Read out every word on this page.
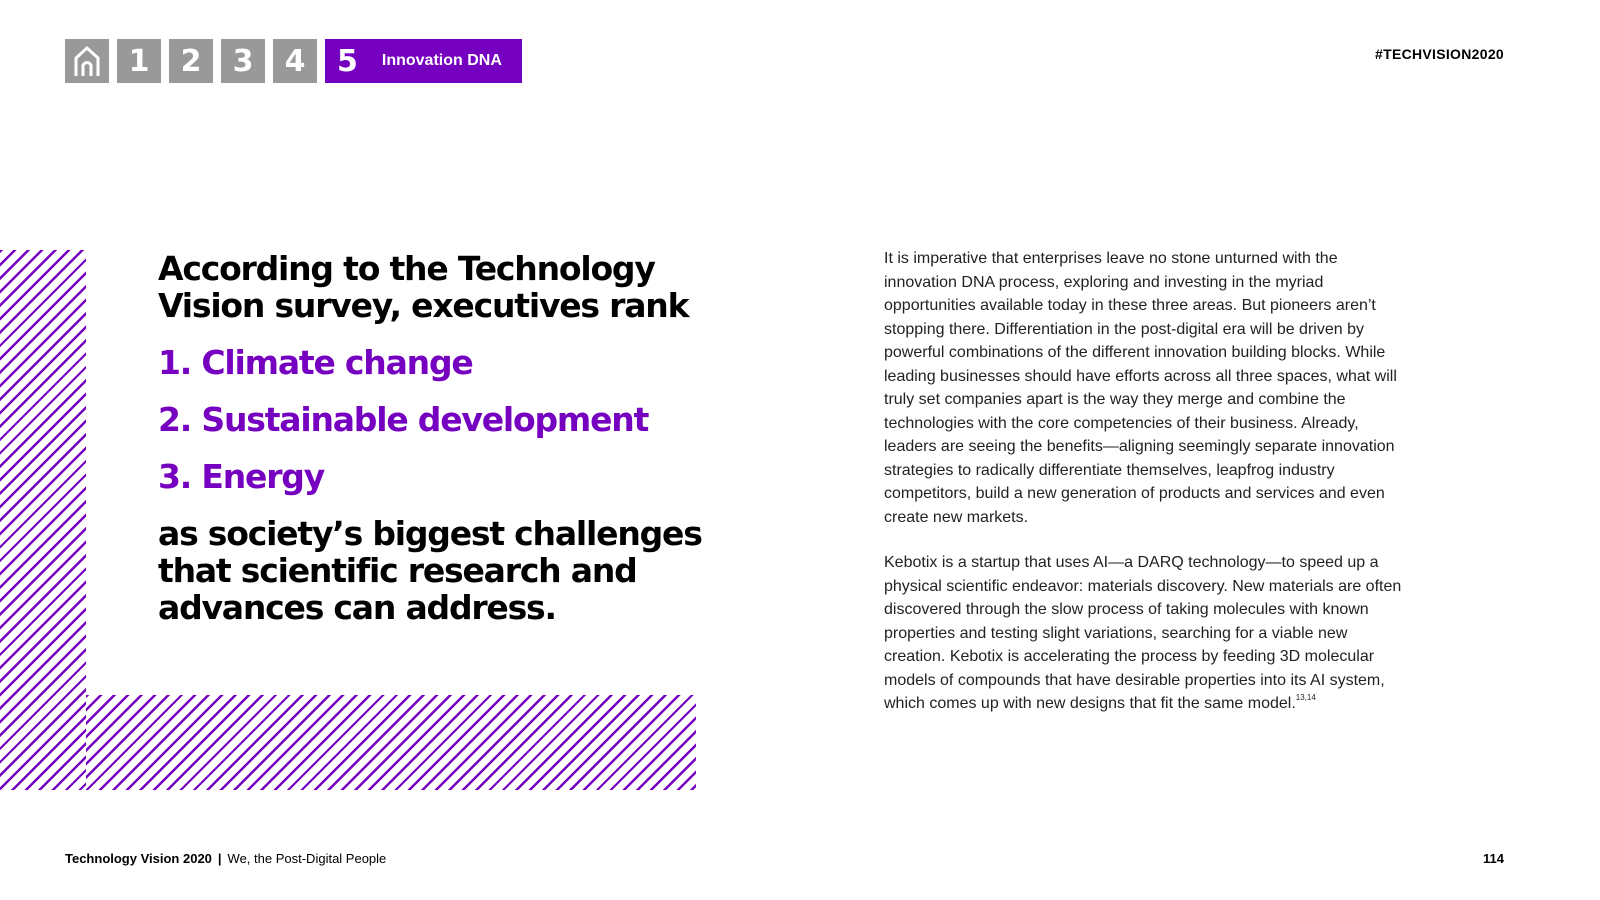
1	2	3	4	5 Innovation DNA	#TECHVISION2020
According to the Technology Vision survey, executives rank
1. Climate change
2. Sustainable development
3. Energy
as society’s biggest challenges that scientific research and advances can address.

It is imperative that enterprises leave no stone unturned with the innovation DNA process, exploring and investing in the myriad opportunities available today in these three areas. But pioneers aren’t stopping there. Differentiation in the post-digital era will be driven by powerful combinations of the different innovation building blocks. While leading businesses should have efforts across all three spaces, what will truly set companies apart is the way they merge and combine the technologies with the core competencies of their business. Already, leaders are seeing the benefits—aligning seemingly separate innovation strategies to radically differentiate themselves, leapfrog industry competitors, build a new generation of products and services and even create new markets.

Kebotix is a startup that uses AI—a DARQ technology—to speed up a physical scientific endeavor: materials discovery. New materials are often discovered through the slow process of taking molecules with known properties and testing slight variations, searching for a viable new creation. Kebotix is accelerating the process by feeding 3D molecular models of compounds that have desirable properties into its AI system, which comes up with new designs that fit the same model.$^{13,14}$

Technology Vision 2020 | We, the Post-Digital People	114
